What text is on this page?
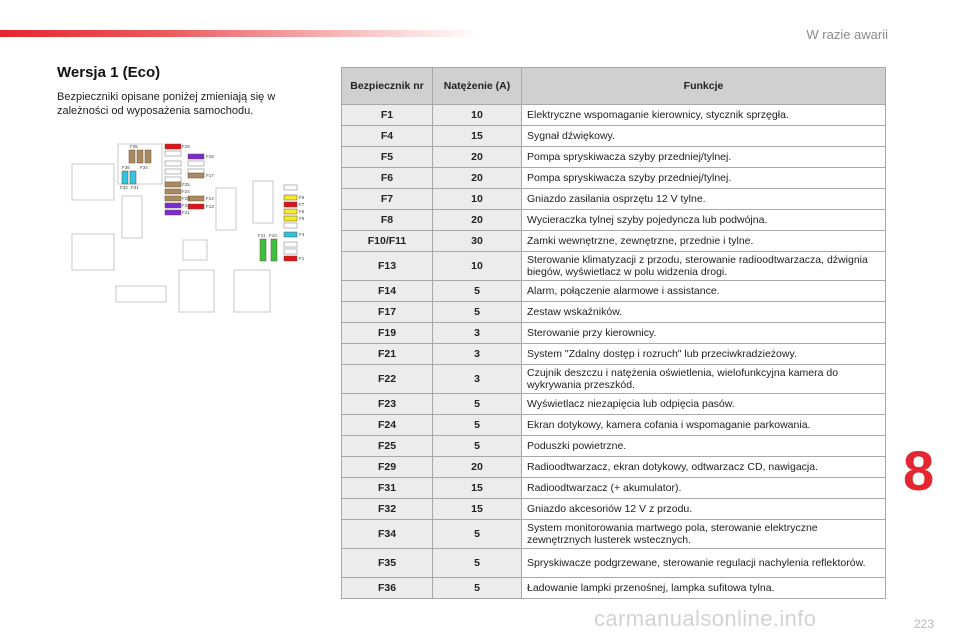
W razie awarii
Wersja 1 (Eco)

Bezpieczniki opisane poniżej zmieniają się w zależności od wyposażenia samochodu.

F35
F36 F34
F32 F31
F29
F19
F17
F25
F24
F23
F22
F21
F14
F13
F11 F10
F8
F7
F6
F5
F4
F1
Bezpiecznik nr	Natężenie (A)	Funkcje
F1	10	Elektryczne wspomaganie kierownicy, stycznik sprzęgła.
F4	15	Sygnał dźwiękowy.
F5	20	Pompa spryskiwacza szyby przedniej/tylnej.
F6	20	Pompa spryskiwacza szyby przedniej/tylnej.
F7	10	Gniazdo zasilania osprzętu 12 V tylne.
F8	20	Wycieraczka tylnej szyby pojedyncza lub podwójna.
F10/F11	30	Zamki wewnętrzne, zewnętrzne, przednie i tylne.
F13	10	Sterowanie klimatyzacji z przodu, sterowanie radioodtwarzacza, dźwignia biegów, wyświetlacz w polu widzenia drogi.
F14	5	Alarm, połączenie alarmowe i assistance.
F17	5	Zestaw wskaźników.
F19	3	Sterowanie przy kierownicy.
F21	3	System "Zdalny dostęp i rozruch" lub przeciwkradzieżowy.
F22	3	Czujnik deszczu i natężenia oświetlenia, wielofunkcyjna kamera do wykrywania przeszkód.
F23	5	Wyświetlacz niezapięcia lub odpięcia pasów.
F24	5	Ekran dotykowy, kamera cofania i wspomaganie parkowania.
F25	5	Poduszki powietrzne.
F29	20	Radioodtwarzacz, ekran dotykowy, odtwarzacz CD, nawigacja.
F31	15	Radioodtwarzacz (+ akumulator).
F32	15	Gniazdo akcesoriów 12 V z przodu.
F34	5	System monitorowania martwego pola, sterowanie elektryczne zewnętrznych lusterek wstecznych.
F35	5	Spryskiwacze podgrzewane, sterowanie regulacji nachylenia reflektorów.
F36	5	Ładowanie lampki przenośnej, lampka sufitowa tylna.
8
carmanualsonline.info	223
